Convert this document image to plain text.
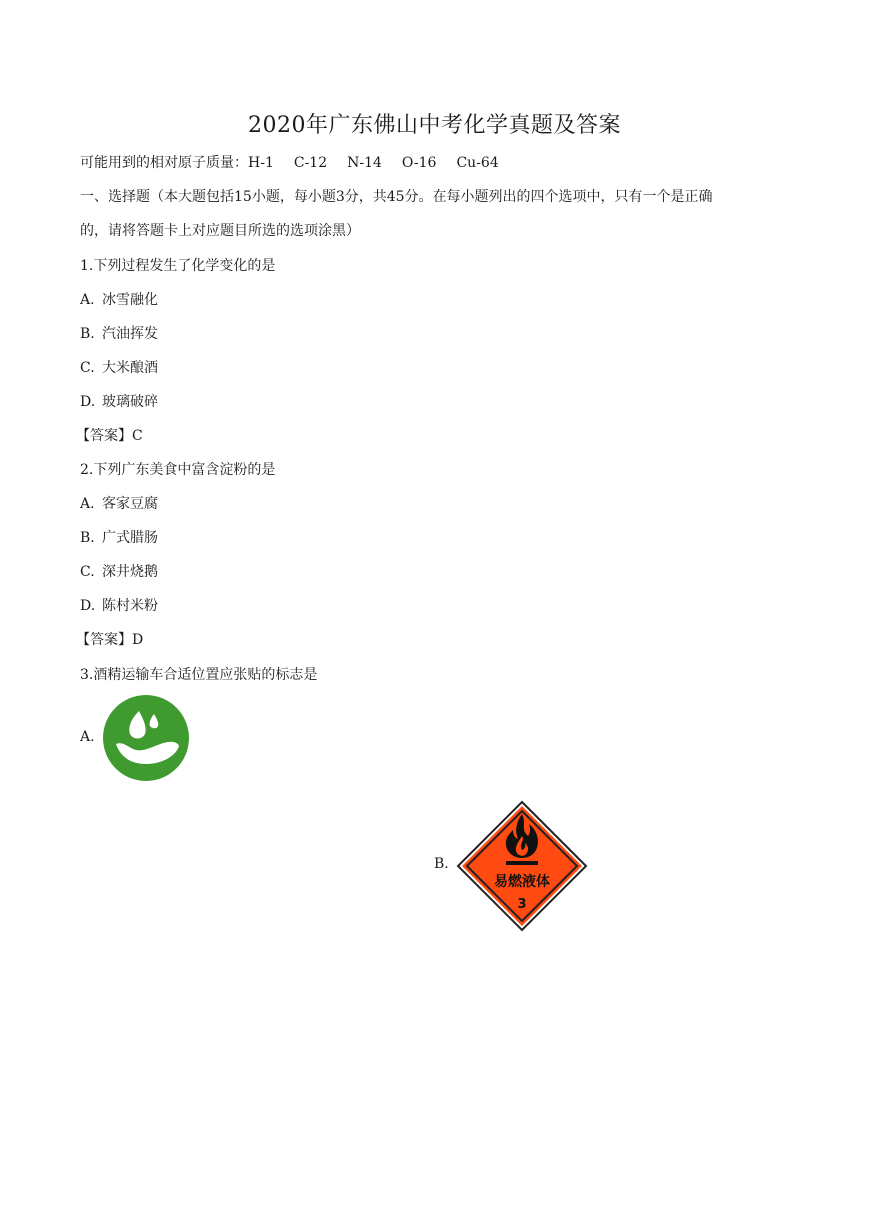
2020年广东佛山中考化学真题及答案
可能用到的相对原子质量：H-1 C-12 N-14 O-16 Cu-64
一、选择题（本大题包括15小题，每小题3分，共45分。在每小题列出的四个选项中，只有一个是正确
的，请将答题卡上对应题目所选的选项涂黑）
1.下列过程发生了化学变化的是
A. 冰雪融化
B. 汽油挥发
C. 大米酿酒
D. 玻璃破碎
【答案】C
2.下列广东美食中富含淀粉的是
A. 客家豆腐
B. 广式腊肠
C. 深井烧鹅
D. 陈村米粉
【答案】D
3.酒精运输车合适位置应张贴的标志是
A.
B.
易燃液体
3
